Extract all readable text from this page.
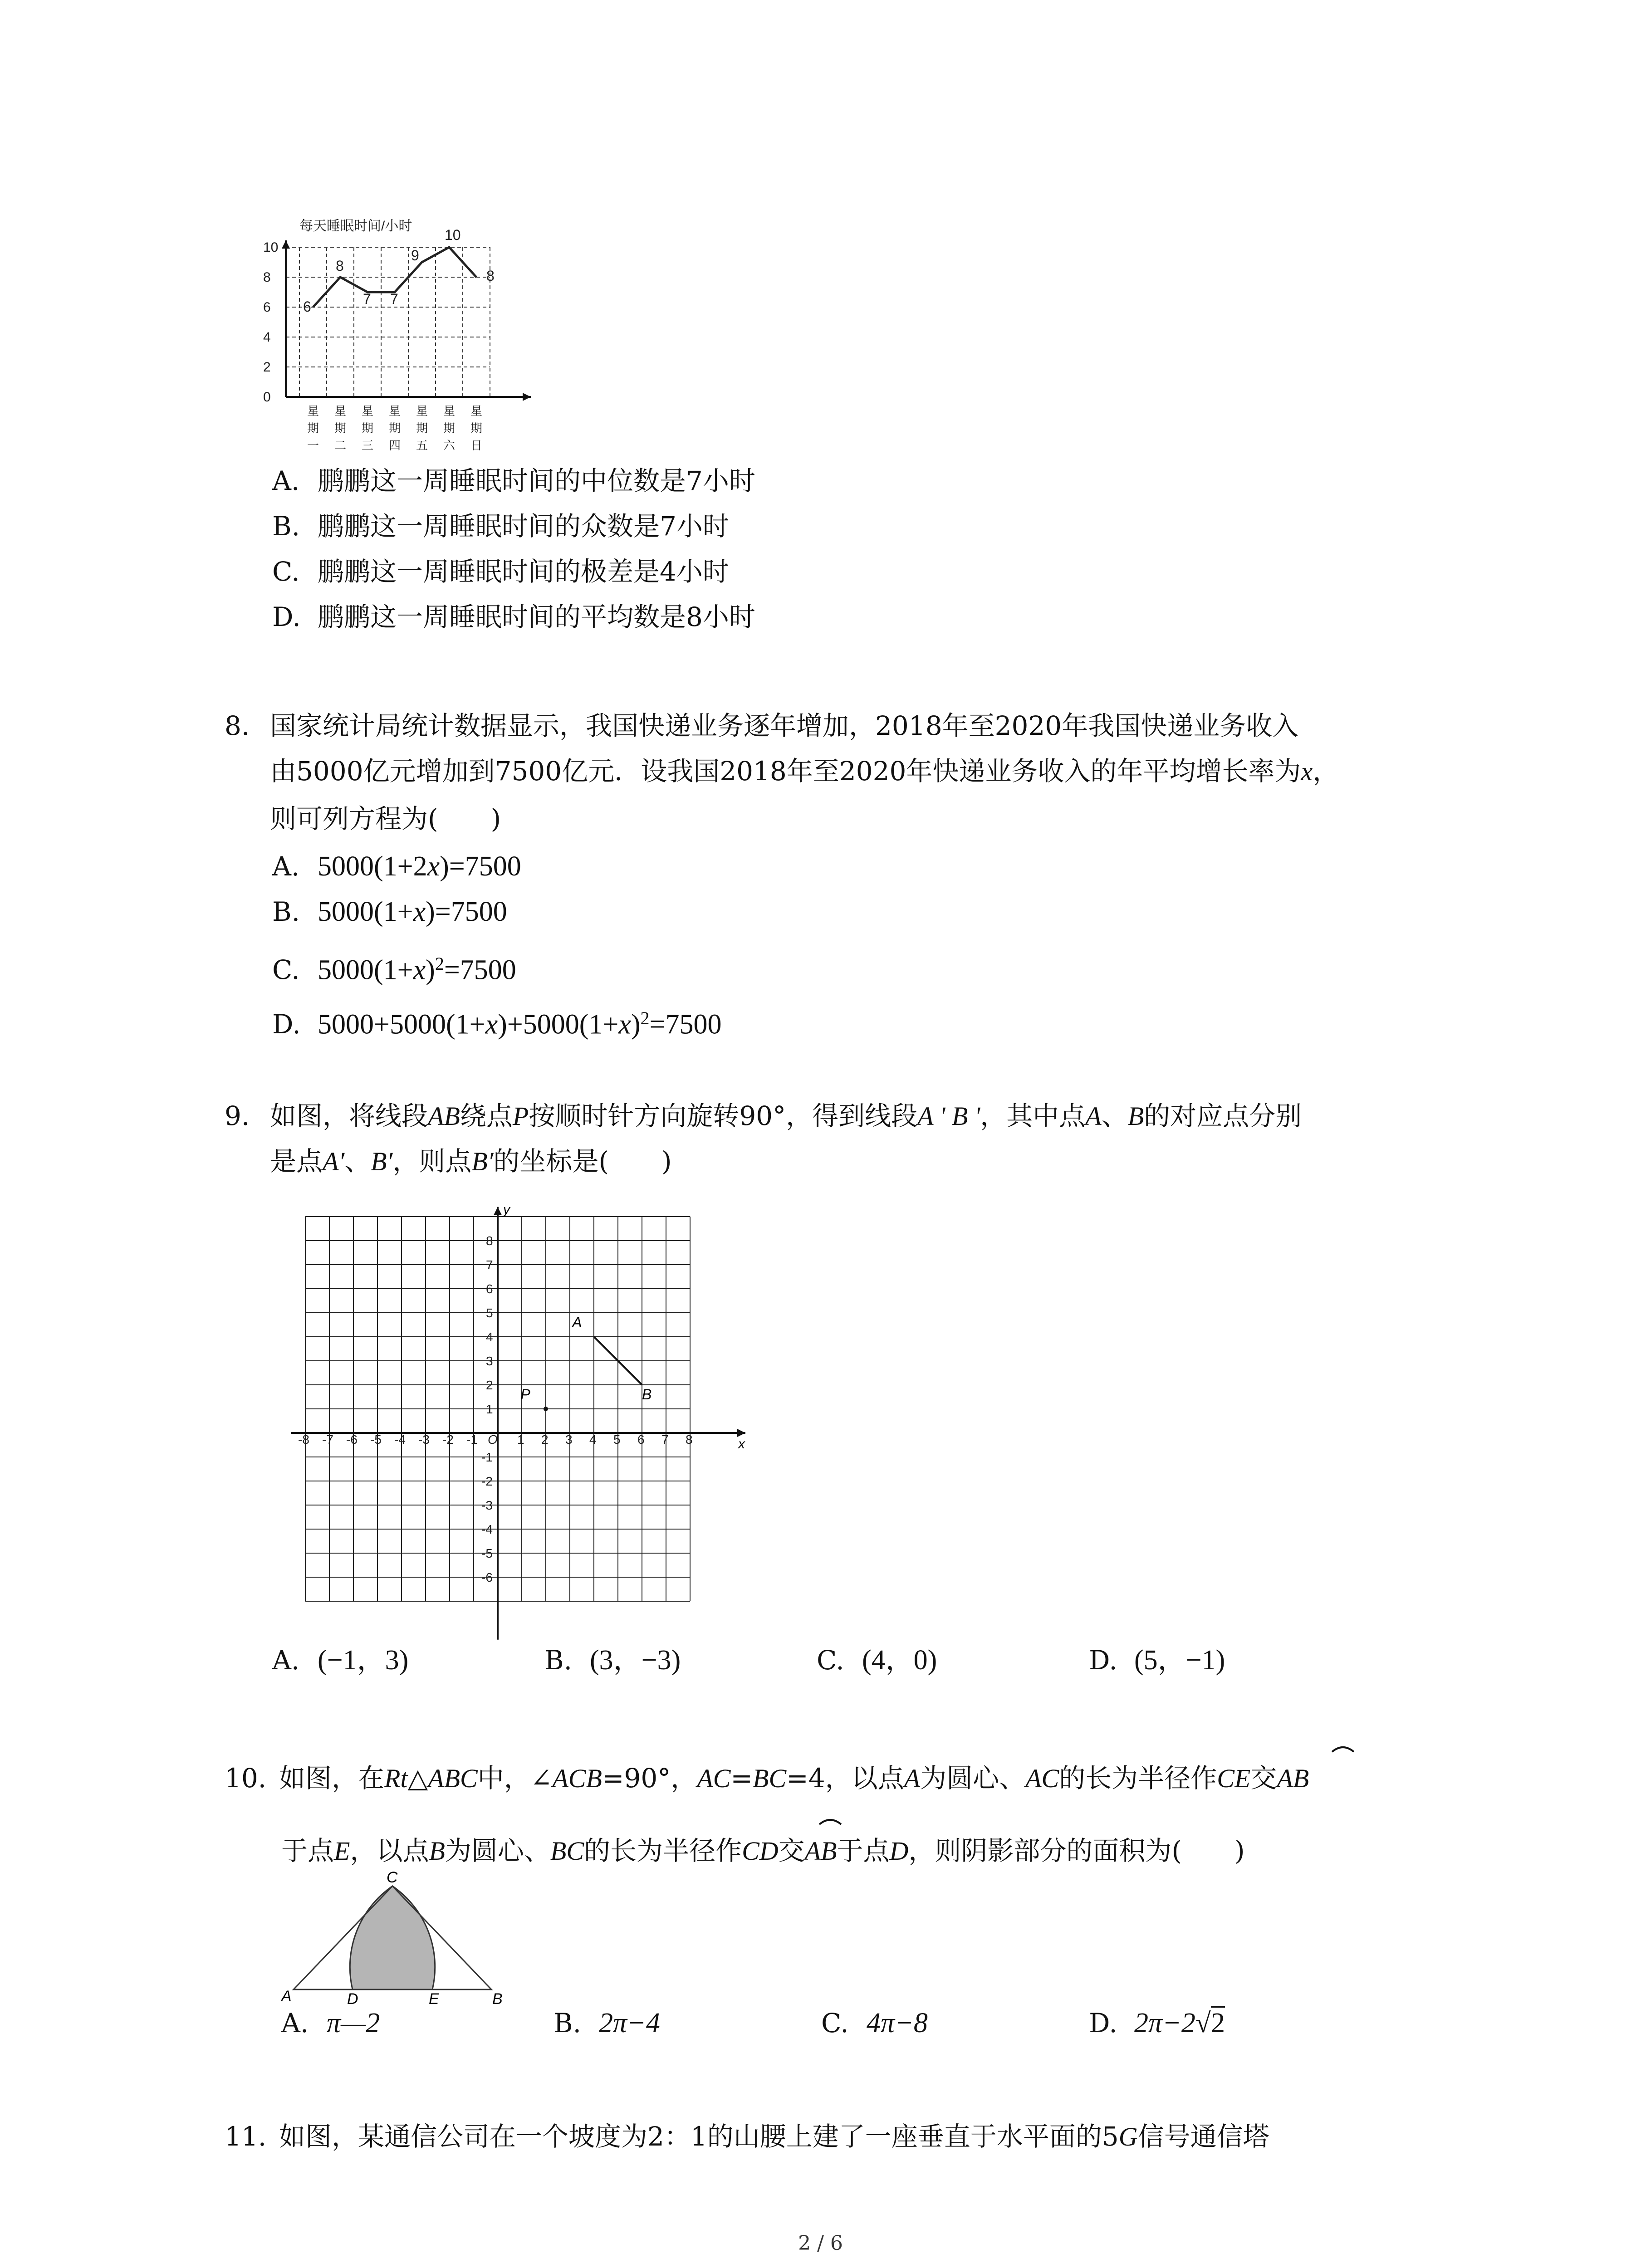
每天睡眠时间/小时
0
2
4
6
8
10
6
8
7 7
9
10
8
星
期
一
星
期
二
星
期
三
星
期
四
星
期
五
星
期
六
星
期
日
A. 鹏鹏这一周睡眠时间的中位数是7小时
B. 鹏鹏这一周睡眠时间的众数是7小时
C. 鹏鹏这一周睡眠时间的极差是4小时
D. 鹏鹏这一周睡眠时间的平均数是8小时
8. 国家统计局统计数据显示，我国快递业务逐年增加，2018年至2020年我国快递业务收入
由5000亿元增加到7500亿元．设我国2018年至2020年快递业务收入的年平均增长率为x，
则可列方程为(　　)
A. 5000(1+2x)=7500
B. 5000(1+x)=7500
C. $5000(1+x)^2=7500$
D. $5000+5000(1+x)+5000(1+x)^2=7500$
9. 如图，将线段AB绕点P按顺时针方向旋转90°，得到线段A ' B '，其中点A、B的对应点分别
是点A′、B′，则点B′的坐标是(　　)
-8 -7 -6 -5 -4 -3 -2 -1 O 1 2 3 4 5 6 7 8
8
7
6
5
4
3
2
1
-1
-2
-3
-4
-5
-6
x
y
A
B
P
A. (−1，3)	B. (3，−3)	C. (4，0)	D. (5，−1)
10. 如图，在Rt△ABC中，∠ACB=90°，AC=BC=4，以点A为圆心、AC的长为半径作CE交AB
于点E，以点B为圆心、BC的长为半径作CD交AB于点D，则阴影部分的面积为(　　)
C
A	D	E	B
A. π—2	B. 2π−4	C. 4π−8	D. 2π−2√2
11. 如图，某通信公司在一个坡度为2：1的山腰上建了一座垂直于水平面的5G信号通信塔
2 / 6
